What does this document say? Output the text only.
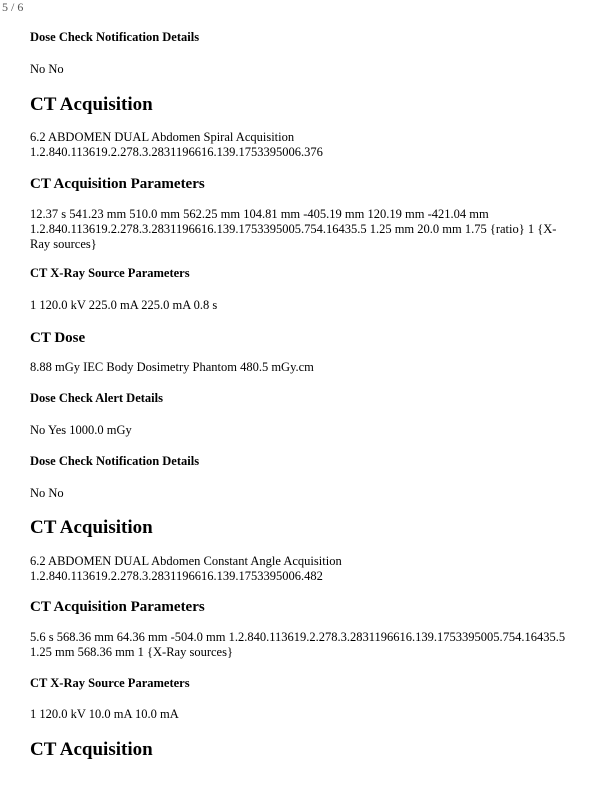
5 / 6
Dose Check Notification Details
No No
CT Acquisition
6.2 ABDOMEN DUAL Abdomen Spiral Acquisition
1.2.840.113619.2.278.3.2831196616.139.1753395006.376
CT Acquisition Parameters
12.37 s 541.23 mm 510.0 mm 562.25 mm 104.81 mm -405.19 mm 120.19 mm -421.04 mm
1.2.840.113619.2.278.3.2831196616.139.1753395005.754.16435.5 1.25 mm 20.0 mm 1.75 {ratio} 1 {X-
Ray sources}
CT X-Ray Source Parameters
1 120.0 kV 225.0 mA 225.0 mA 0.8 s
CT Dose
8.88 mGy IEC Body Dosimetry Phantom 480.5 mGy.cm
Dose Check Alert Details
No Yes 1000.0 mGy
Dose Check Notification Details
No No
CT Acquisition
6.2 ABDOMEN DUAL Abdomen Constant Angle Acquisition
1.2.840.113619.2.278.3.2831196616.139.1753395006.482
CT Acquisition Parameters
5.6 s 568.36 mm 64.36 mm -504.0 mm 1.2.840.113619.2.278.3.2831196616.139.1753395005.754.16435.5
1.25 mm 568.36 mm 1 {X-Ray sources}
CT X-Ray Source Parameters
1 120.0 kV 10.0 mA 10.0 mA
CT Acquisition
